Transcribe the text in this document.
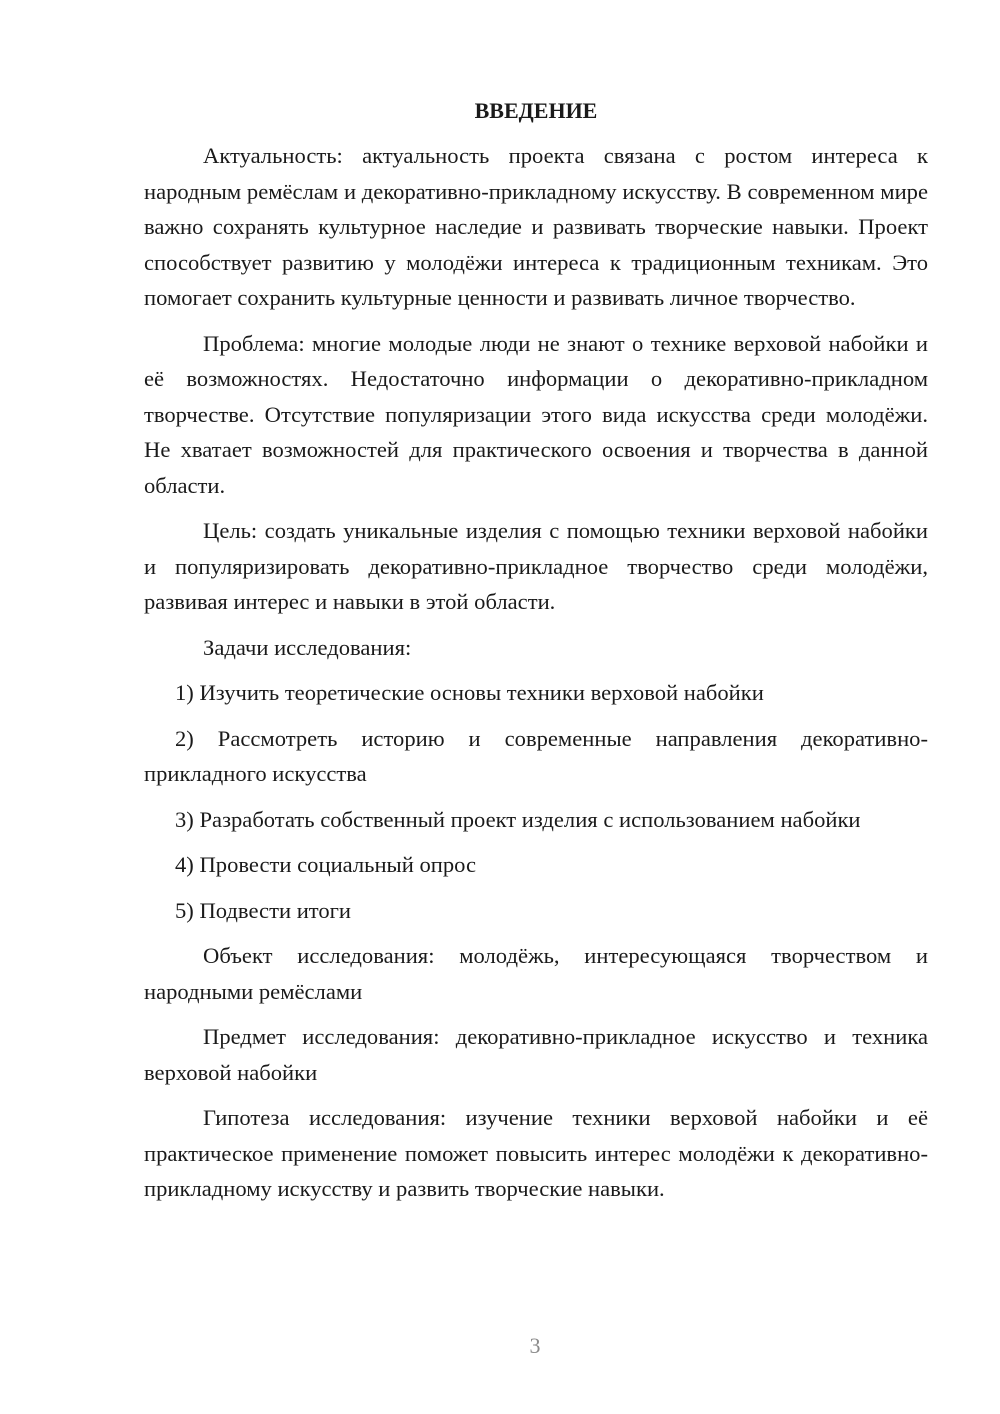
ВВЕДЕНИЕ

Актуальность: актуальность проекта связана с ростом интереса к народным ремёслам и декоративно-прикладному искусству. В современном мире важно сохранять культурное наследие и развивать творческие навыки. Проект способствует развитию у молодёжи интереса к традиционным техникам. Это помогает сохранить культурные ценности и развивать личное творчество.

Проблема: многие молодые люди не знают о технике верховой набойки и её возможностях. Недостаточно информации о декоративно-прикладном творчестве. Отсутствие популяризации этого вида искусства среди молодёжи. Не хватает возможностей для практического освоения и творчества в данной области.

Цель: создать уникальные изделия с помощью техники верховой набойки и популяризировать декоративно-прикладное творчество среди молодёжи, развивая интерес и навыки в этой области.

Задачи исследования:

1) Изучить теоретические основы техники верховой набойки

2) Рассмотреть историю и современные направления декоративно-прикладного искусства

3) Разработать собственный проект изделия с использованием набойки

4) Провести социальный опрос

5) Подвести итоги

Объект исследования: молодёжь, интересующаяся творчеством и народными ремёслами

Предмет исследования: декоративно-прикладное искусство и техника верховой набойки

Гипотеза исследования: изучение техники верховой набойки и её практическое применение поможет повысить интерес молодёжи к декоративно-прикладному искусству и развить творческие навыки.

3
